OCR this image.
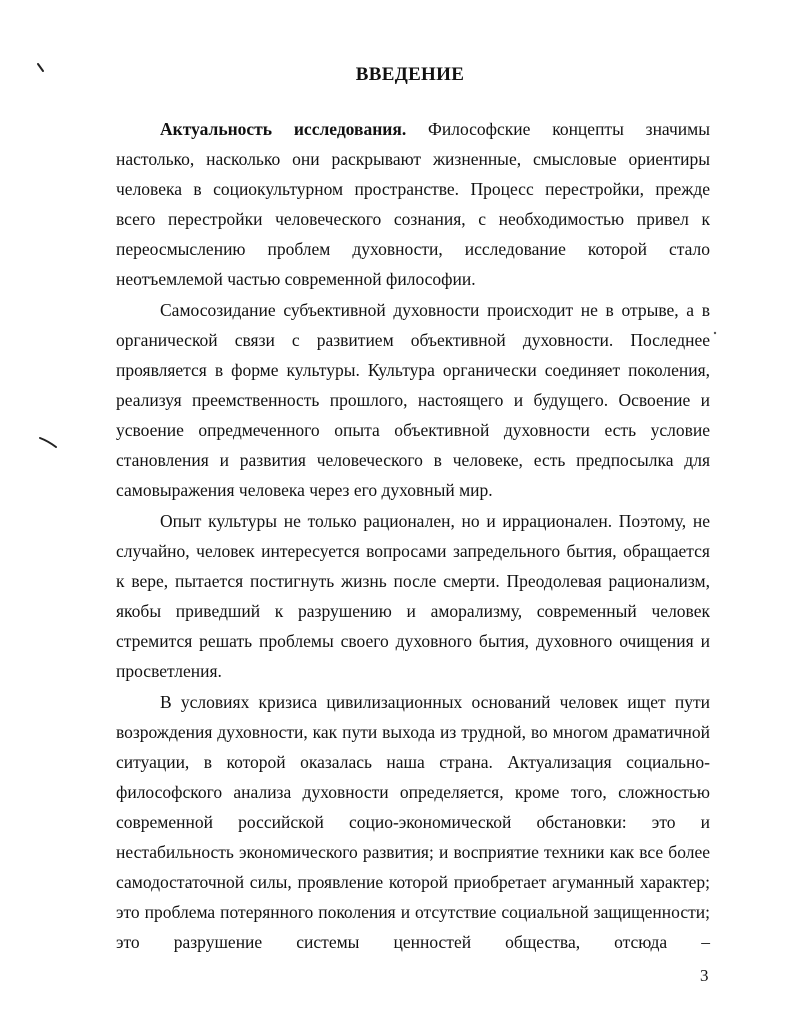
ВВЕДЕНИЕ

Актуальность исследования. Философские концепты значимы настолько, насколько они раскрывают жизненные, смысловые ориентиры человека в социокультурном пространстве. Процесс перестройки, прежде всего перестройки человеческого сознания, с необходимостью привел к переосмыслению проблем духовности, исследование которой стало неотъемлемой частью современной философии.

Самосозидание субъективной духовности происходит не в отрыве, а в органической связи с развитием объективной духовности. Последнее проявляется в форме культуры. Культура органически соединяет поколения, реализуя преемственность прошлого, настоящего и будущего. Освоение и усвоение опредмеченного опыта объективной духовности есть условие становления и развития человеческого в человеке, есть предпосылка для самовыражения человека через его духовный мир.

Опыт культуры не только рационален, но и иррационален. Поэтому, не случайно, человек интересуется вопросами запредельного бытия, обращается к вере, пытается постигнуть жизнь после смерти. Преодолевая рационализм, якобы приведший к разрушению и аморализму, современный человек стремится решать проблемы своего духовного бытия, духовного очищения и просветления.

В условиях кризиса цивилизационных оснований человек ищет пути возрождения духовности, как пути выхода из трудной, во многом драматичной ситуации, в которой оказалась наша страна. Актуализация социально-философского анализа духовности определяется, кроме того, сложностью современной российской социо-экономической обстановки: это и нестабильность экономического развития; и восприятие техники как все более самодостаточной силы, проявление которой приобретает агуманный характер; это проблема потерянного поколения и отсутствие социальной защищенности; это разрушение системы ценностей общества, отсюда –

3
